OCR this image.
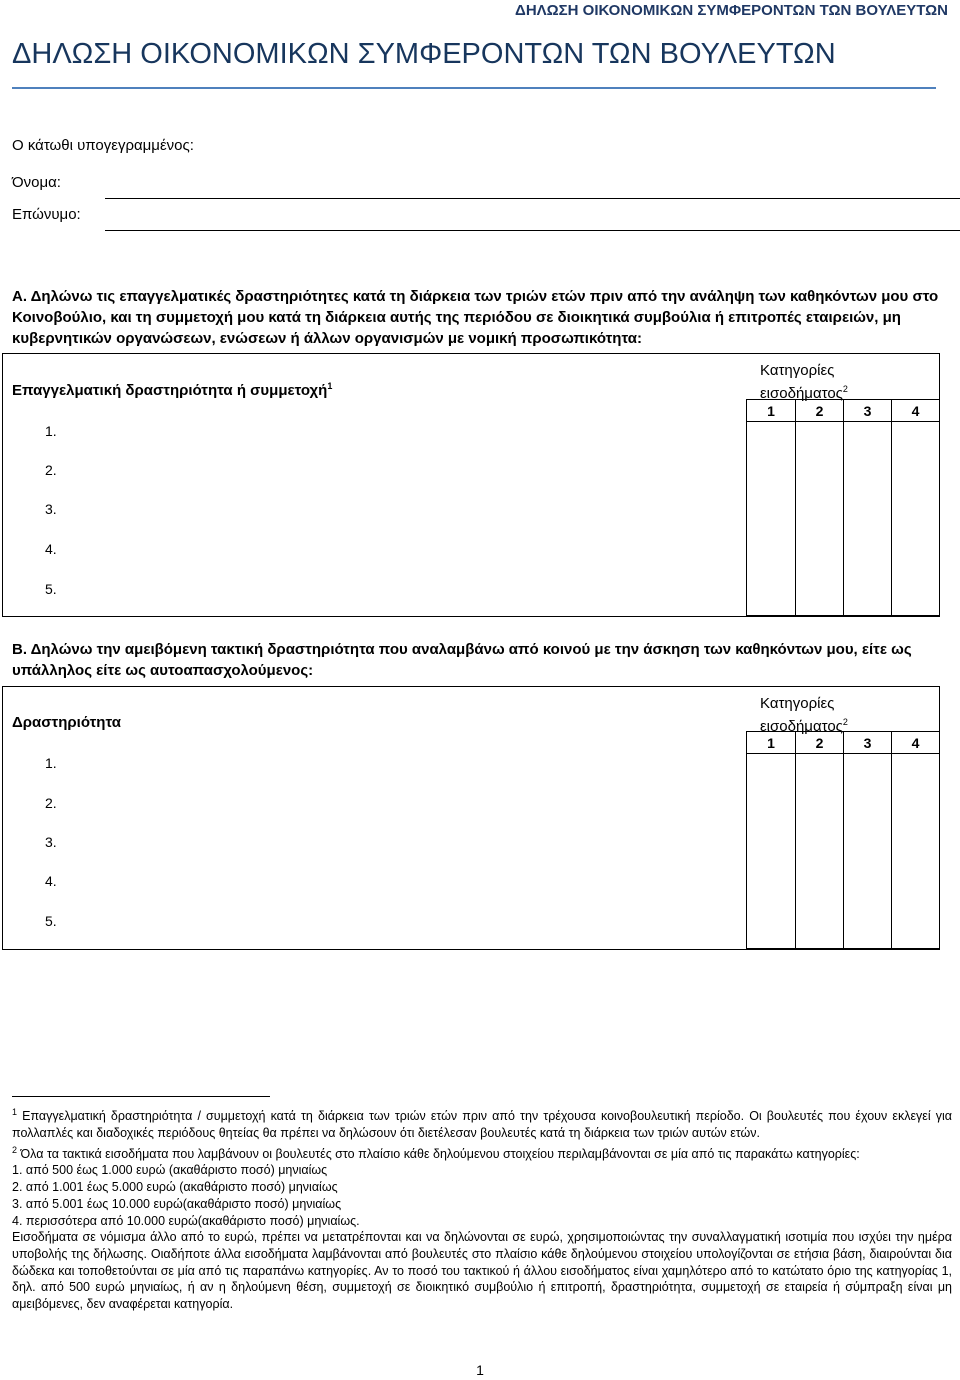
ΔΗΛΩΣΗ ΟΙΚΟΝΟΜΙΚΩΝ ΣΥΜΦΕΡΟΝΤΩΝ ΤΩΝ ΒΟΥΛΕΥΤΩΝ
ΔΗΛΩΣΗ ΟΙΚΟΝΟΜΙΚΩΝ ΣΥΜΦΕΡΟΝΤΩΝ ΤΩΝ ΒΟΥΛΕΥΤΩΝ
Ο κάτωθι υπογεγραμμένος:
Όνομα:
Επώνυμο:
Α. Δηλώνω τις επαγγελματικές δραστηριότητες κατά τη διάρκεια των τριών ετών πριν από την ανάληψη των καθηκόντων μου στο Κοινοβούλιο, και τη συμμετοχή μου κατά τη διάρκεια αυτής της περιόδου σε διοικητικά συμβούλια ή επιτροπές εταιρειών, μη κυβερνητικών οργανώσεων, ενώσεων ή άλλων οργανισμών με νομική προσωπικότητα:
Επαγγελματική δραστηριότητα ή συμμετοχή$^1$
Κατηγορίες
εισοδήματος$^2$
1	2	3	4

1.
2.
3.
4.
5.
Β. Δηλώνω την αμειβόμενη τακτική δραστηριότητα που αναλαμβάνω από κοινού με την άσκηση των καθηκόντων μου, είτε ως υπάλληλος είτε ως αυτοαπασχολούμενος:
Δραστηριότητα
Κατηγορίες
εισοδήματος$^2$
1	2	3	4

1.
2.
3.
4.
5.

$^1$ Επαγγελματική δραστηριότητα / συμμετοχή κατά τη διάρκεια των τριών ετών πριν από την τρέχουσα κοινοβουλευτική περίοδο. Οι βουλευτές που έχουν εκλεγεί για πολλαπλές και διαδοχικές περιόδους θητείας θα πρέπει να δηλώσουν ότι διετέλεσαν βουλευτές κατά τη διάρκεια των τριών αυτών ετών.

$^2$ Όλα τα τακτικά εισοδήματα που λαμβάνουν οι βουλευτές στο πλαίσιο κάθε δηλούμενου στοιχείου περιλαμβάνονται σε μία από τις παρακάτω κατηγορίες:

1. από 500 έως 1.000 ευρώ (ακαθάριστο ποσό) μηνιαίως

2. από 1.001 έως 5.000 ευρώ (ακαθάριστο ποσό) μηνιαίως

3. από 5.001 έως 10.000 ευρώ(ακαθάριστο ποσό) μηνιαίως

4. περισσότερα από 10.000 ευρώ(ακαθάριστο ποσό) μηνιαίως.

Εισοδήματα σε νόμισμα άλλο από το ευρώ, πρέπει να μετατρέπονται και να δηλώνονται σε ευρώ, χρησιμοποιώντας την συναλλαγματική ισοτιμία που ισχύει την ημέρα υποβολής της δήλωσης. Οιαδήποτε άλλα εισοδήματα λαμβάνονται από βουλευτές στο πλαίσιο κάθε δηλούμενου στοιχείου υπολογίζονται σε ετήσια βάση, διαιρούνται δια δώδεκα και τοποθετούνται σε μία από τις παραπάνω κατηγορίες. Αν το ποσό του τακτικού ή άλλου εισοδήματος είναι χαμηλότερο από το κατώτατο όριο της κατηγορίας 1, δηλ. από 500 ευρώ μηνιαίως, ή αν η δηλούμενη θέση, συμμετοχή σε διοικητικό συμβούλιο ή επιτροπή, δραστηριότητα, συμμετοχή σε εταιρεία ή σύμπραξη είναι μη αμειβόμενες, δεν αναφέρεται κατηγορία.

1
